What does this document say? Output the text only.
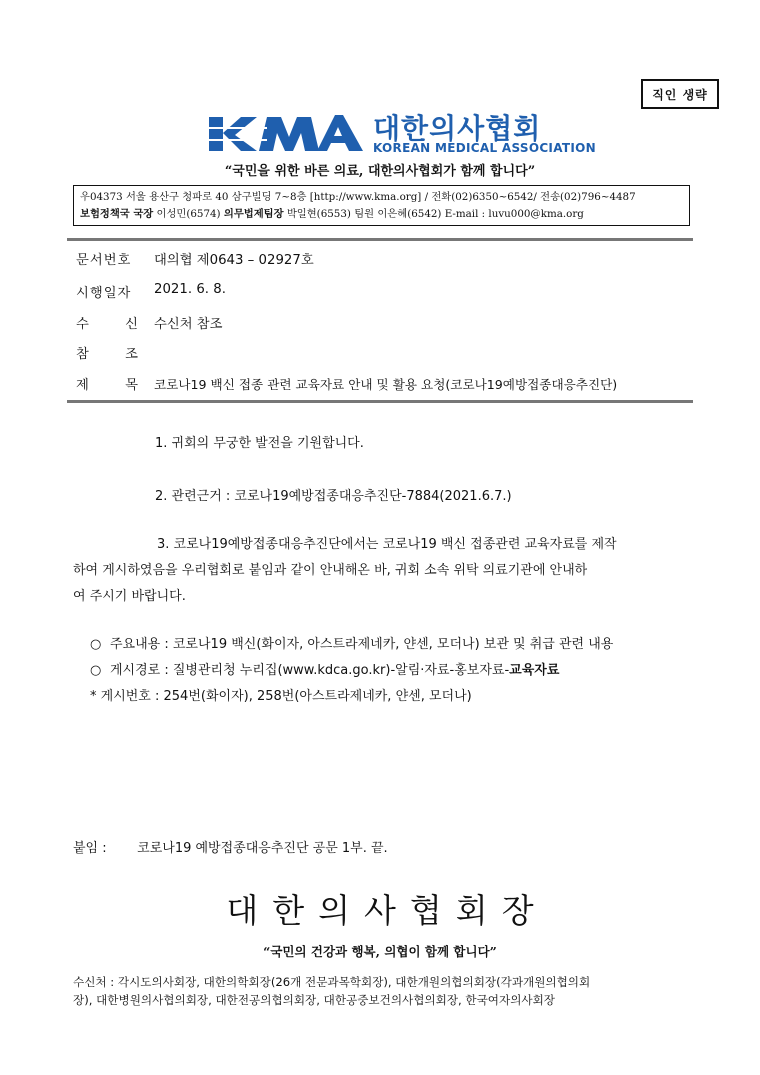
직인 생략
대한의사협회
KOREAN MEDICAL ASSOCIATION
“국민을 위한 바른 의료, 대한의사협회가 함께 합니다”
우04373 서울 용산구 청파로 40 삼구빌딩 7~8층 [http://www.kma.org] / 전화(02)6350~6542/ 전송(02)796~4487
보험정책국 국장 이성민(6574) 의무법제팀장 박일현(6553) 팀원 이은혜(6542) E-mail : luvu000@kma.org
문서번호 대의협 제0643 – 02927호
시행일자 2021. 6. 8.
수	신 수신처 참조
참	조
제	목 코로나19 백신 접종 관련 교육자료 안내 및 활용 요청(코로나19예방접종대응추진단)
1. 귀회의 무궁한 발전을 기원합니다.
2. 관련근거 : 코로나19예방접종대응추진단-7884(2021.6.7.)
3. 코로나19예방접종대응추진단에서는 코로나19 백신 접종관련 교육자료를 제작
하여 게시하였음을 우리협회로 붙임과 같이 안내해온 바, 귀회 소속 위탁 의료기관에 안내하
여 주시기 바랍니다.
○ 주요내용 : 코로나19 백신(화이자, 아스트라제네카, 얀센, 모더나) 보관 및 취급 관련 내용
○ 게시경로 : 질병관리청 누리집(www.kdca.go.kr)-알림·자료-홍보자료-교육자료
* 게시번호 : 254번(화이자), 258번(아스트라제네카, 얀센, 모더나)
붙임 : 코로나19 예방접종대응추진단 공문 1부. 끝.
대한의사협회장
“국민의 건강과 행복, 의협이 함께 합니다”
수신처 : 각시도의사회장, 대한의학회장(26개 전문과목학회장), 대한개원의협의회장(각과개원의협의회
장), 대한병원의사협의회장, 대한전공의협의회장, 대한공중보건의사협의회장, 한국여자의사회장
